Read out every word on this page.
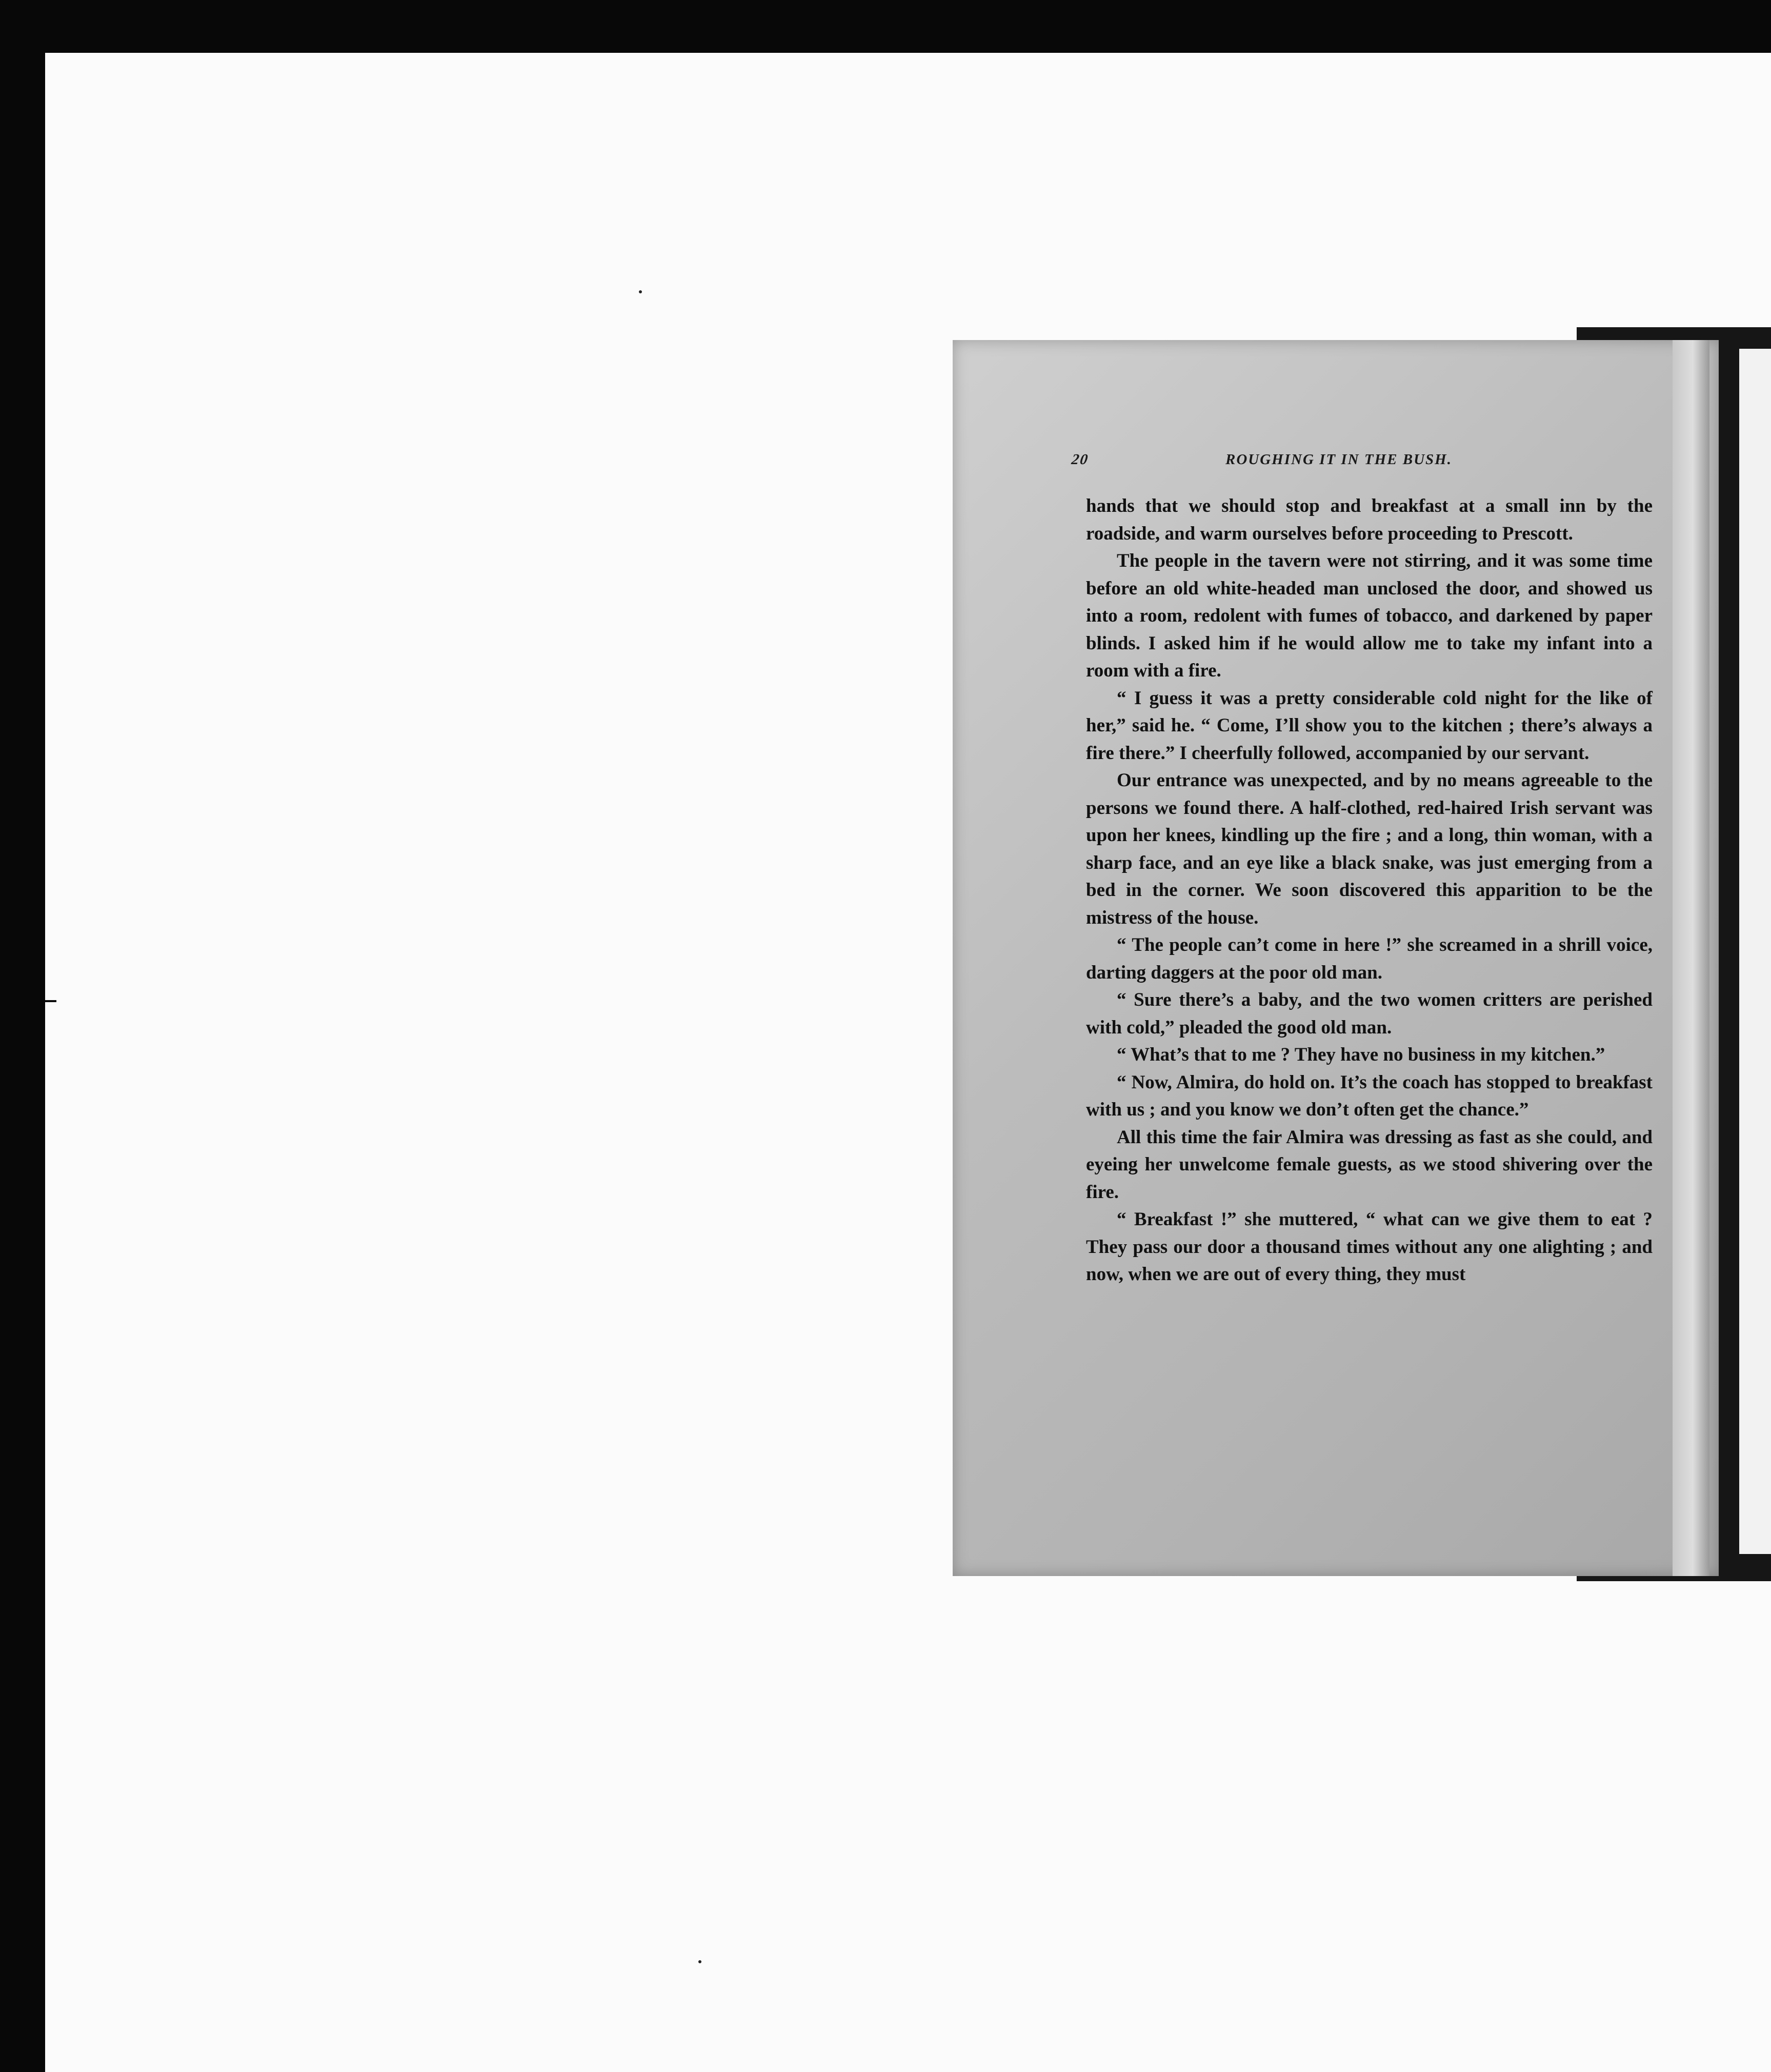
20	ROUGHING IT IN THE BUSH.

hands that we should stop and breakfast at a small inn by the roadside, and warm ourselves before proceeding to Prescott.

The people in the tavern were not stirring, and it was some time before an old white-headed man unclosed the door, and showed us into a room, redolent with fumes of tobacco, and darkened by paper blinds. I asked him if he would allow me to take my infant into a room with a fire.

“ I guess it was a pretty considerable cold night for the like of her,” said he. “ Come, I’ll show you to the kitchen ; there’s always a fire there.” I cheerfully followed, accompanied by our servant.

Our entrance was unexpected, and by no means agreeable to the persons we found there. A half-clothed, red-haired Irish servant was upon her knees, kindling up the fire ; and a long, thin woman, with a sharp face, and an eye like a black snake, was just emerging from a bed in the corner. We soon discovered this apparition to be the mistress of the house.

“ The people can’t come in here !” she screamed in a shrill voice, darting daggers at the poor old man.

“ Sure there’s a baby, and the two women critters are perished with cold,” pleaded the good old man.

“ What’s that to me ? They have no business in my kitchen.”

“ Now, Almira, do hold on. It’s the coach has stopped to breakfast with us ; and you know we don’t often get the chance.”

All this time the fair Almira was dressing as fast as she could, and eyeing her unwelcome female guests, as we stood shivering over the fire.

“ Breakfast !” she muttered, “ what can we give them to eat ? They pass our door a thousand times without any one alighting ; and now, when we are out of every thing, they must
